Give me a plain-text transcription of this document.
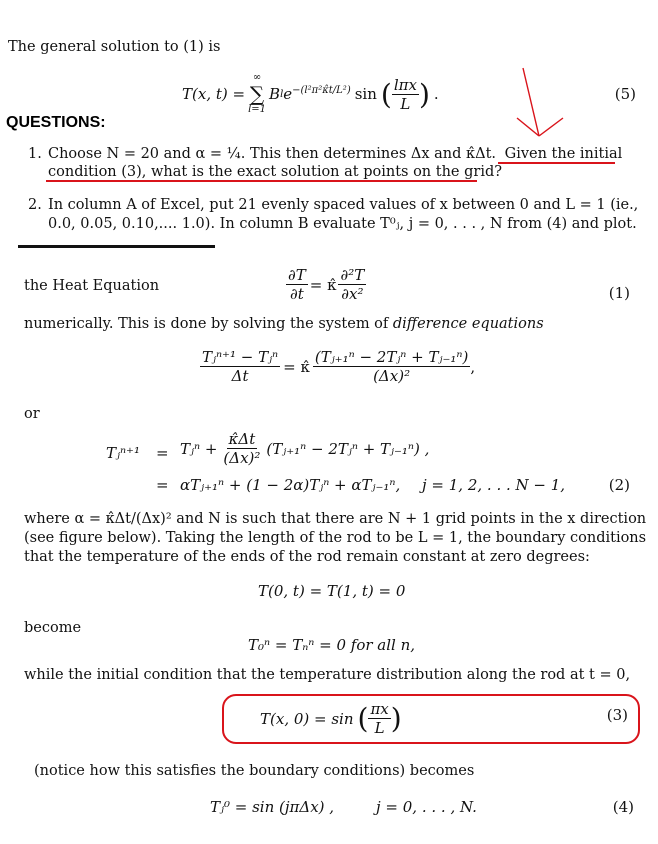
The general solution to (1) is
T(x, t) =
∞
∑
l=1
B l $e^{-(l^2\pi^2\kappât/L^2)}$ sin ( $\frac{\text{lπx}}{L}$ ) .	(5)
QUESTIONS:
1. Choose N = 20 and α = ¼. This then determines Δx and κ̂Δt. Given the initial
condition (3), what is the exact solution at points on the grid?
2. In column A of Excel, put 21 evenly spaced values of x between 0 and L = 1 (ie.,
0.0, 0.05, 0.10,.... 1.0). In column B evaluate T⁰ⱼ, j = 0, . . . , N from (4) and plot.
the Heat Equation	$\frac{\partial T}{\partial t}$ = κ̂ $\frac{\text{∂²T}}{\text{∂x²}}$	(1)
numerically. This is done by solving the system of difference equations
$\frac{\text{Tⱼⁿ⁺¹ − Tⱼⁿ}}{\Delta t}$ = κ̂ $\frac{\text{(Tⱼ₊₁ⁿ − 2Tⱼⁿ + Tⱼ₋₁ⁿ)}}{\text{(Δx)²}}$ ,
or
Tⱼⁿ⁺¹ = Tⱼⁿ + $\frac{\kappâ\Delta t}{\text{(Δx)²}}$ (Tⱼ₊₁ⁿ − 2Tⱼⁿ + Tⱼ₋₁ⁿ) ,
= αTⱼ₊₁ⁿ + (1 − 2α)Tⱼⁿ + αTⱼ₋₁ⁿ, j = 1, 2, . . . N − 1,	(2)
where α = κ̂Δt/(Δx)² and N is such that there are N + 1 grid points in the x direction
(see figure below). Taking the length of the rod to be L = 1, the boundary conditions
that the temperature of the ends of the rod remain constant at zero degrees:
T(0, t) = T(1, t) = 0
become
T₀ⁿ = Tₙⁿ = 0 for all n,
while the initial condition that the temperature distribution along the rod at t = 0,
T(x, 0) = sin ( $\frac{\pi x}{L}$ )	(3)
(notice how this satisfies the boundary conditions) becomes
Tⱼ⁰ = sin (jπΔx) ,	j = 0, . . . , N.	(4)
